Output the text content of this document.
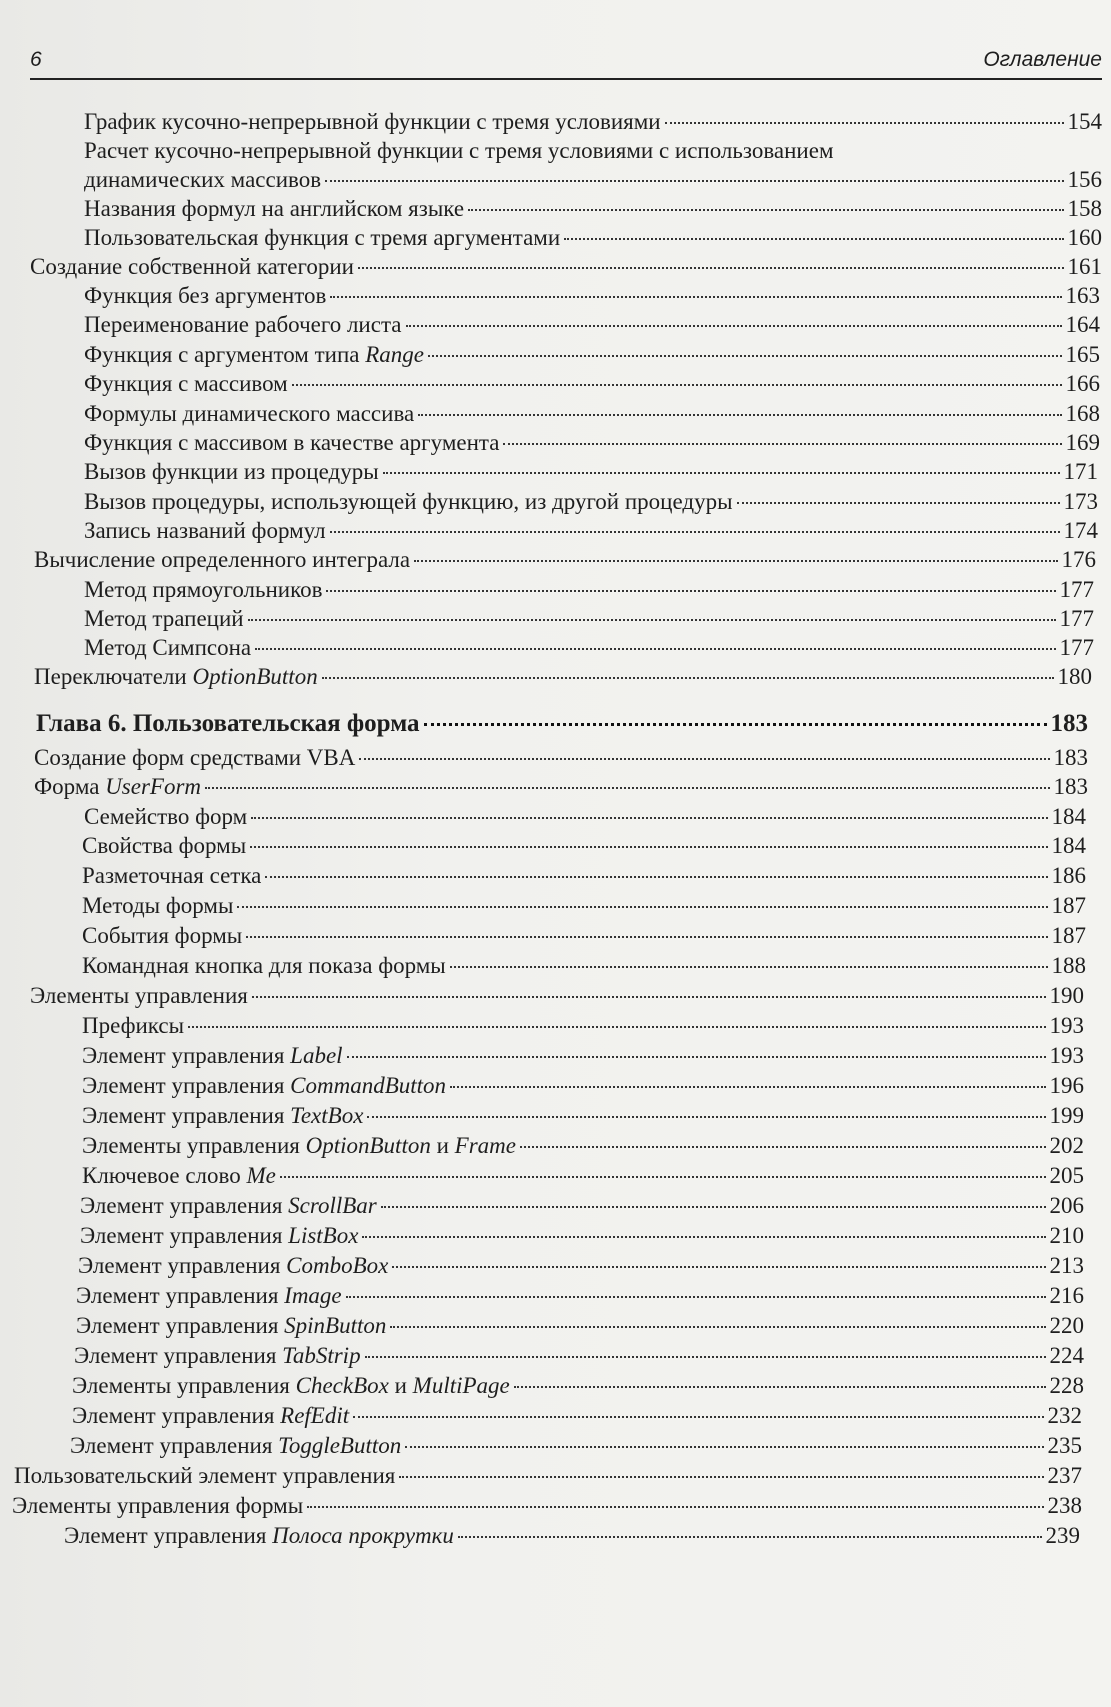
6	Оглавление
График кусочно-непрерывной функции с тремя условиями	154
Расчет кусочно-непрерывной функции с тремя условиями с использованием
динамических массивов	156
Названия формул на английском языке	158
Пользовательская функция с тремя аргументами	160
Создание собственной категории	161
Функция без аргументов	163
Переименование рабочего листа	164
Функция с аргументом типа Range	165
Функция с массивом	166
Формулы динамического массива	168
Функция с массивом в качестве аргумента	169
Вызов функции из процедуры	171
Вызов процедуры, использующей функцию, из другой процедуры	173
Запись названий формул	174
Вычисление определенного интеграла	176
Метод прямоугольников	177
Метод трапеций	177
Метод Симпсона	177
Переключатели OptionButton	180
Глава 6. Пользовательская форма	183
Создание форм средствами VBA	183
Форма UserForm	183
Семейство форм	184
Свойства формы	184
Разметочная сетка	186
Методы формы	187
События формы	187
Командная кнопка для показа формы	188
Элементы управления	190
Префиксы	193
Элемент управления Label	193
Элемент управления CommandButton	196
Элемент управления TextBox	199
Элементы управления OptionButton и Frame	202
Ключевое слово Me	205
Элемент управления ScrollBar	206
Элемент управления ListBox	210
Элемент управления ComboBox	213
Элемент управления Image	216
Элемент управления SpinButton	220
Элемент управления TabStrip	224
Элементы управления CheckBox и MultiPage	228
Элемент управления RefEdit	232
Элемент управления ToggleButton	235
Пользовательский элемент управления	237
Элементы управления формы	238
Элемент управления Полоса прокрутки	239
